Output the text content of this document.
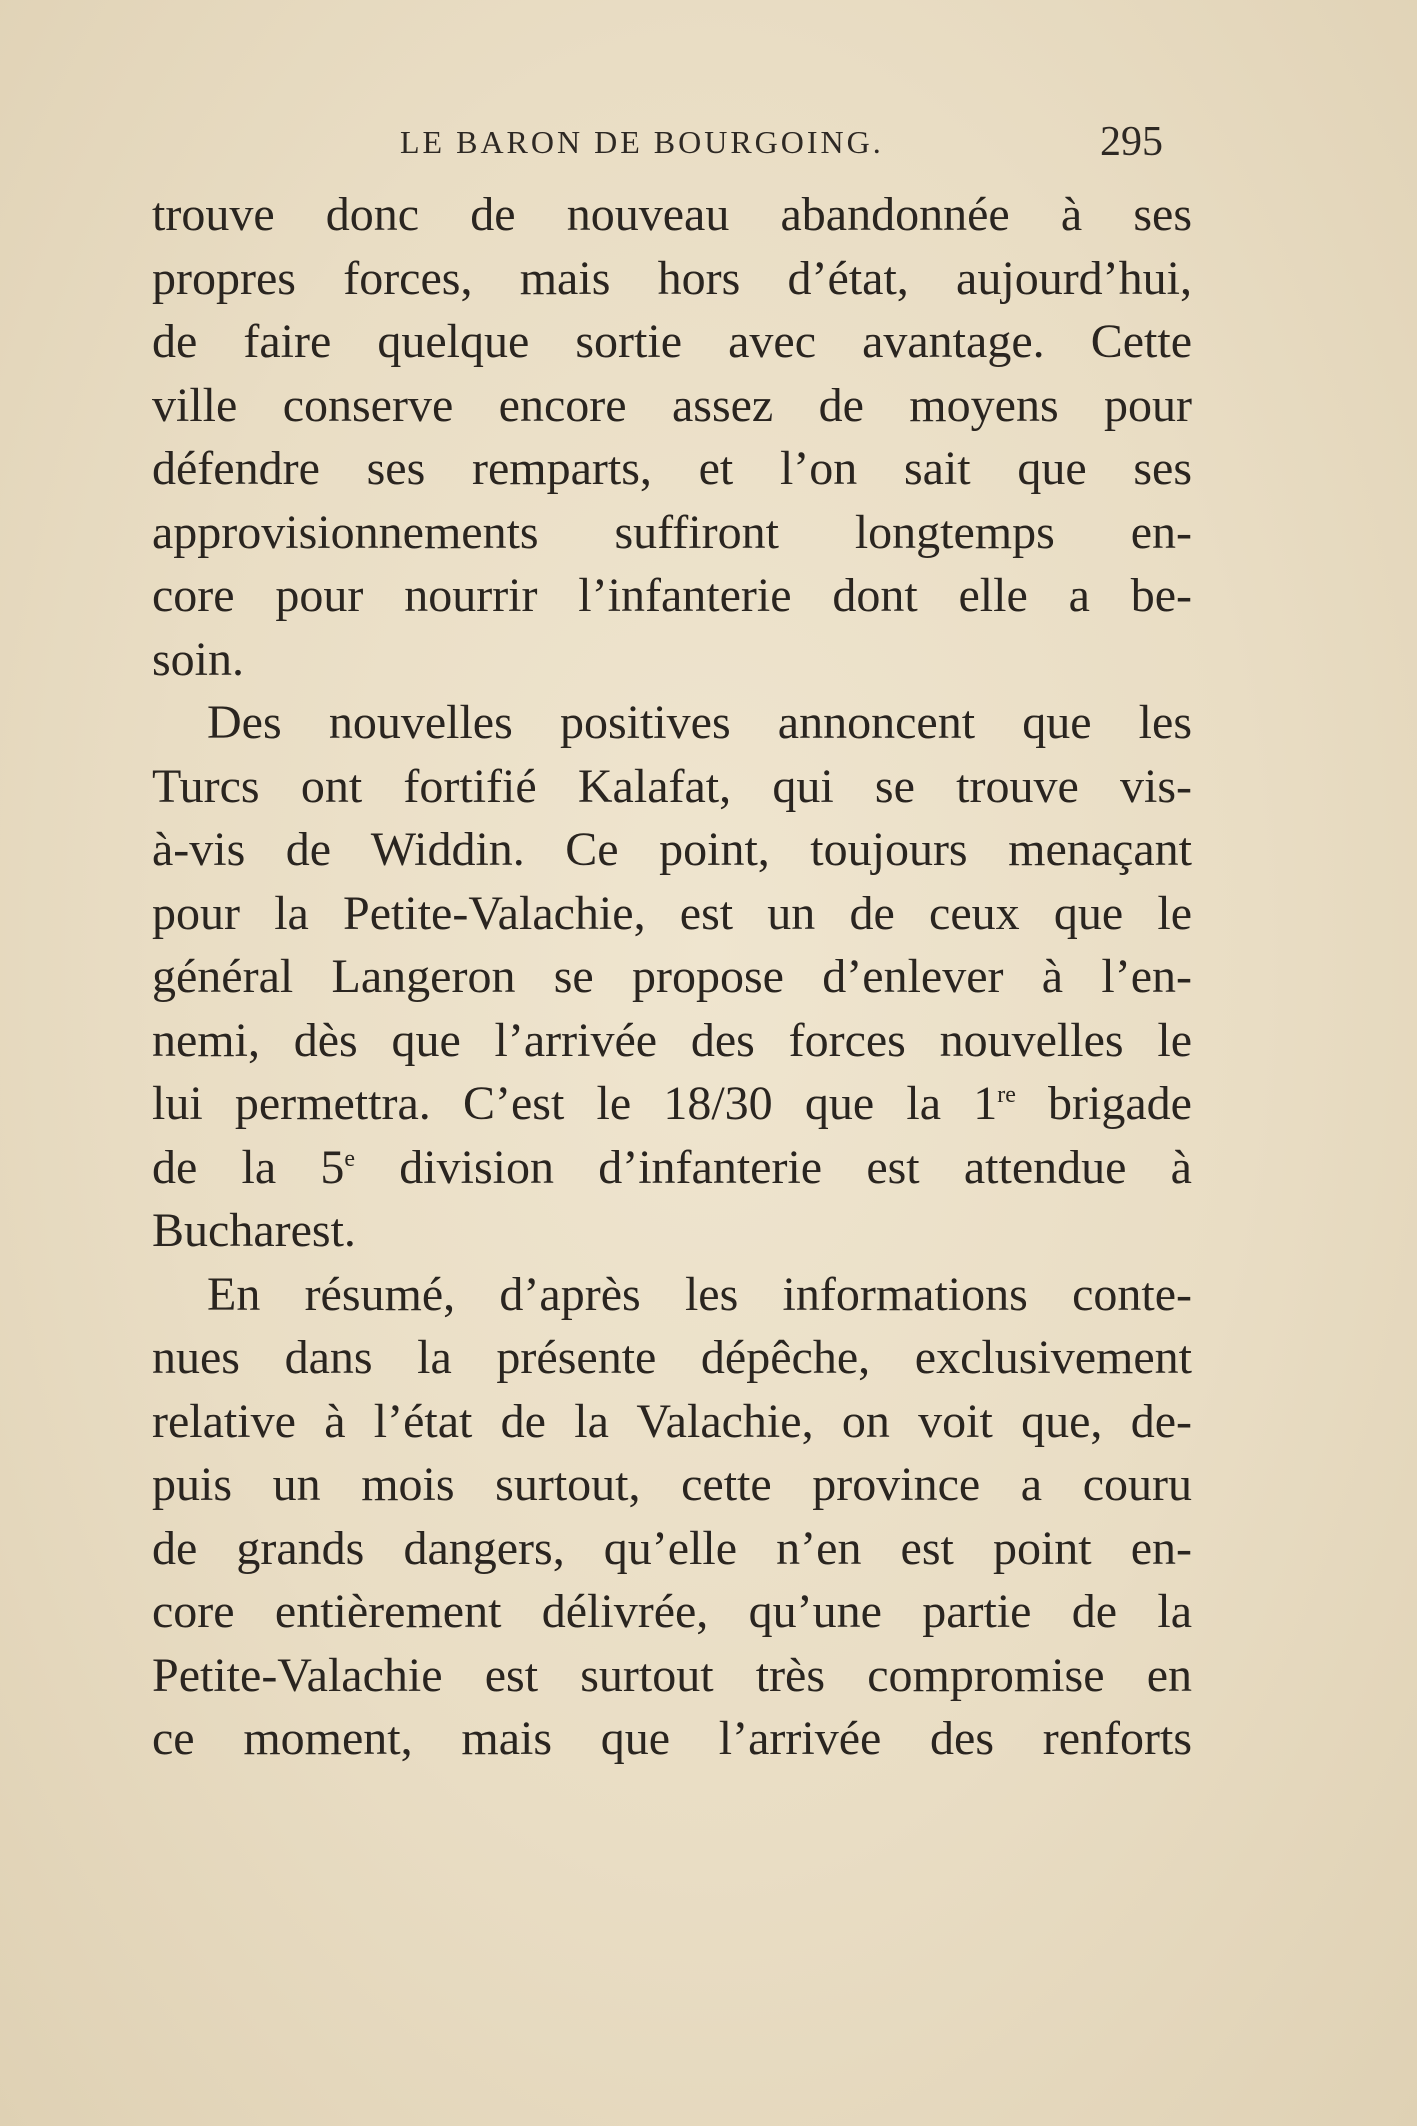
LE BARON DE BOURGOING.	295
trouve donc de nouveau abandonnée à ses
propres forces, mais hors d’état, aujourd’hui,
de faire quelque sortie avec avantage. Cette
ville conserve encore assez de moyens pour
défendre ses remparts, et l’on sait que ses
approvisionnements suffiront longtemps en-
core pour nourrir l’infanterie dont elle a be-
soin.
Des nouvelles positives annoncent que les
Turcs ont fortifié Kalafat, qui se trouve vis-
à-vis de Widdin. Ce point, toujours menaçant
pour la Petite-Valachie, est un de ceux que le
général Langeron se propose d’enlever à l’en-
nemi, dès que l’arrivée des forces nouvelles le
lui permettra. C’est le 18/30 que la 1re brigade
de la 5e division d’infanterie est attendue à
Bucharest.
En résumé, d’après les informations conte-
nues dans la présente dépêche, exclusivement
relative à l’état de la Valachie, on voit que, de-
puis un mois surtout, cette province a couru
de grands dangers, qu’elle n’en est point en-
core entièrement délivrée, qu’une partie de la
Petite-Valachie est surtout très compromise en
ce moment, mais que l’arrivée des renforts
